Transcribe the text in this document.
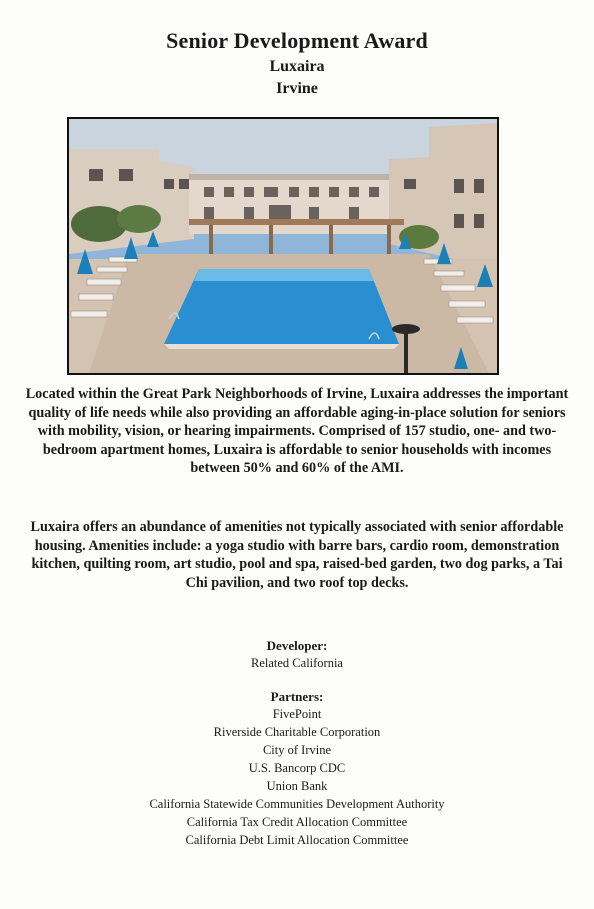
Senior Development Award
Luxaira
Irvine

Located within the Great Park Neighborhoods of Irvine, Luxaira addresses the important quality of life needs while also providing an affordable aging-in-place solution for seniors with mobility, vision, or hearing impairments. Comprised of 157 studio, one- and two-bedroom apartment homes, Luxaira is affordable to senior households with incomes between 50% and 60% of the AMI.

Luxaira offers an abundance of amenities not typically associated with senior affordable housing. Amenities include: a yoga studio with barre bars, cardio room, demonstration kitchen, quilting room, art studio, pool and spa, raised-bed garden, two dog parks, a Tai Chi pavilion, and two roof top decks.

Developer:
Related California
Partners:
FivePoint
Riverside Charitable Corporation
City of Irvine
U.S. Bancorp CDC
Union Bank
California Statewide Communities Development Authority
California Tax Credit Allocation Committee
California Debt Limit Allocation Committee
